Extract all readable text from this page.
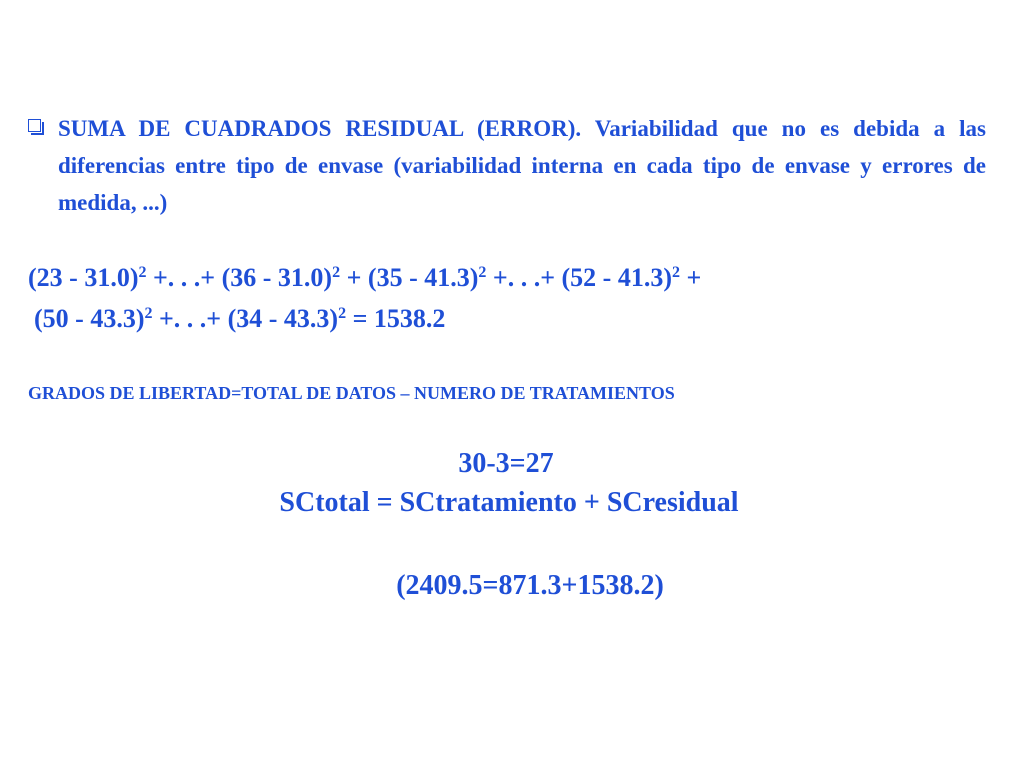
SUMA DE CUADRADOS RESIDUAL (ERROR). Variabilidad que no es debida a las diferencias entre tipo de envase (variabilidad interna en cada tipo de envase y errores de medida, ...)
(23 - 31.0)$^2$ +. . .+ (36 - 31.0)$^2$ + (35 - 41.3)$^2$ +. . .+ (52 - 41.3)$^2$ +
(50 - 43.3)$^2$ +. . .+ (34 - 43.3)$^2$ = 1538.2
GRADOS DE LIBERTAD=TOTAL DE DATOS – NUMERO DE TRATAMIENTOS
30-3=27
SCtotal = SCtratamiento + SCresidual
(2409.5=871.3+1538.2)
